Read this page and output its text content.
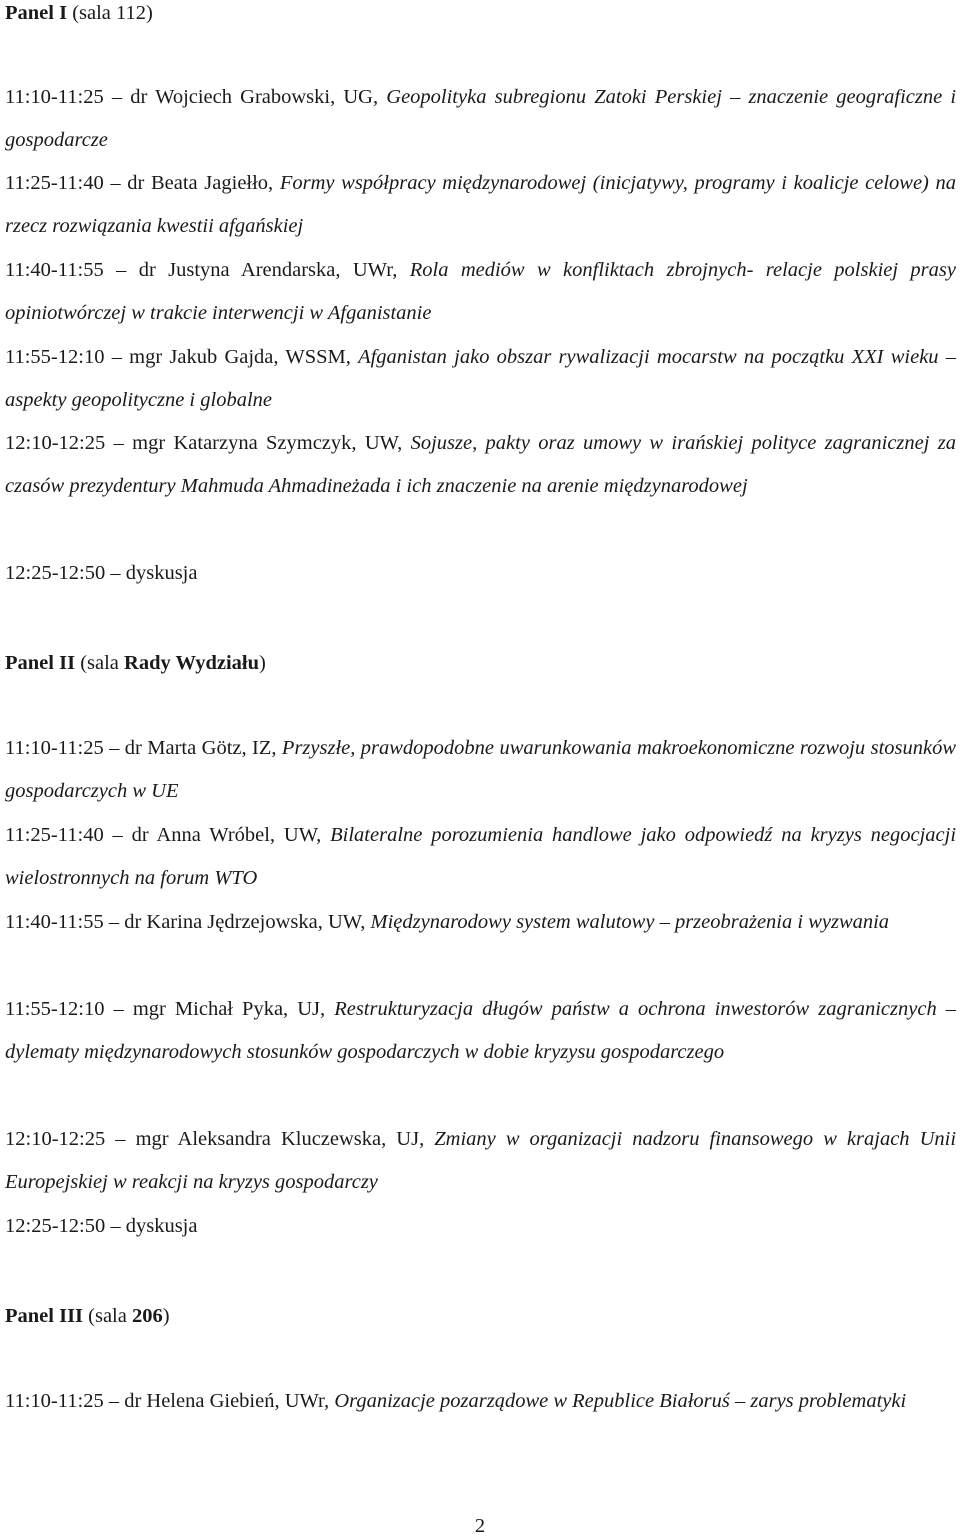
Panel I (sala 112)

11:10-11:25 – dr Wojciech Grabowski, UG, Geopolityka subregionu Zatoki Perskiej – znaczenie geograficzne i gospodarcze

11:25-11:40 – dr Beata Jagiełło, Formy współpracy międzynarodowej (inicjatywy, programy i koalicje celowe) na rzecz rozwiązania kwestii afgańskiej

11:40-11:55 – dr Justyna Arendarska, UWr, Rola mediów w konfliktach zbrojnych- relacje polskiej prasy opiniotwórczej w trakcie interwencji w Afganistanie

11:55-12:10 – mgr Jakub Gajda, WSSM, Afganistan jako obszar rywalizacji mocarstw na początku XXI wieku – aspekty geopolityczne i globalne

12:10-12:25 – mgr Katarzyna Szymczyk, UW, Sojusze, pakty oraz umowy w irańskiej polityce zagranicznej za czasów prezydentury Mahmuda Ahmadineżada i ich znaczenie na arenie międzynarodowej

12:25-12:50 – dyskusja

Panel II (sala Rady Wydziału)

11:10-11:25 – dr Marta Götz, IZ, Przyszłe, prawdopodobne uwarunkowania makroekonomiczne rozwoju stosunków gospodarczych w UE

11:25-11:40 – dr Anna Wróbel, UW, Bilateralne porozumienia handlowe jako odpowiedź na kryzys negocjacji wielostronnych na forum WTO

11:40-11:55 – dr Karina Jędrzejowska, UW, Międzynarodowy system walutowy – przeobrażenia i wyzwania

11:55-12:10 – mgr Michał Pyka, UJ, Restrukturyzacja długów państw a ochrona inwestorów zagranicznych – dylematy międzynarodowych stosunków gospodarczych w dobie kryzysu gospodarczego

12:10-12:25 – mgr Aleksandra Kluczewska, UJ, Zmiany w organizacji nadzoru finansowego w krajach Unii Europejskiej w reakcji na kryzys gospodarczy

12:25-12:50 – dyskusja

Panel III (sala 206)

11:10-11:25 – dr Helena Giebień, UWr, Organizacje pozarządowe w Republice Białoruś – zarys problematyki

2
